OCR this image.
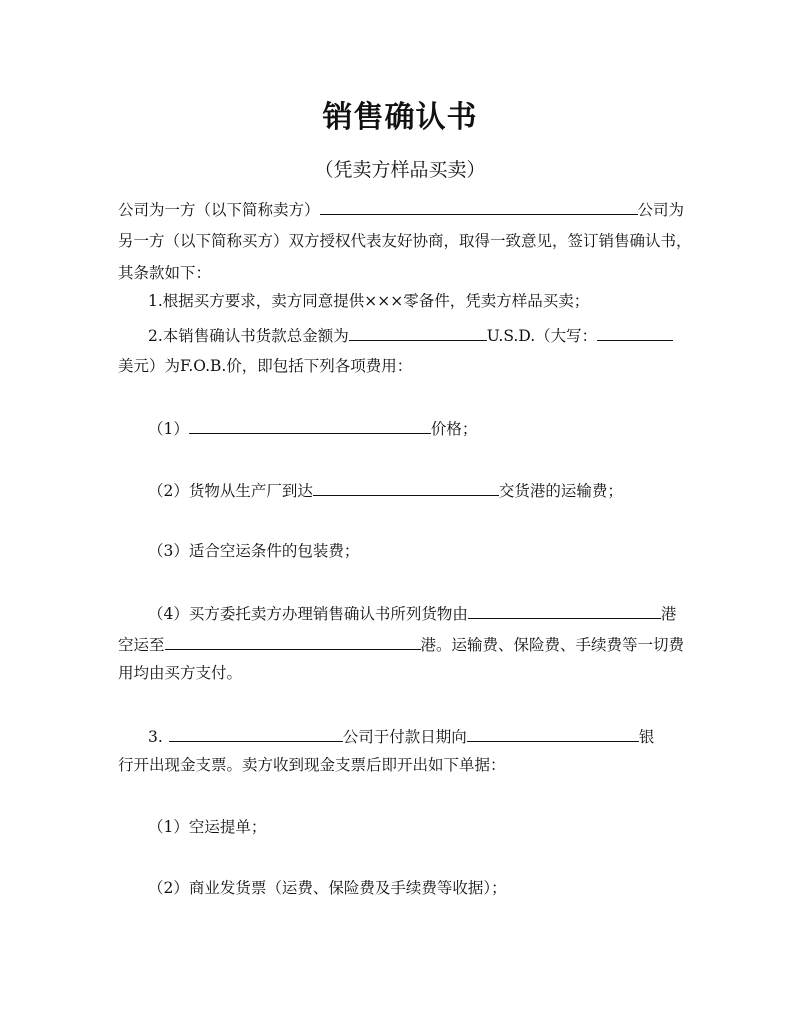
销售确认书
（凭卖方样品买卖）
公司为一方（以下简称卖方）	公司为
另一方（以下简称买方）双方授权代表友好协商，取得一致意见，签订销售确认书，
其条款如下：
1.根据买方要求，卖方同意提供×××零备件，凭卖方样品买卖；
2.本销售确认书货款总金额为	U.S.D.（大写：
美元）为F.O.B.价，即包括下列各项费用：
（1）	价格；
（2）货物从生产厂到达	交货港的运输费；
（3）适合空运条件的包装费；
（4）买方委托卖方办理销售确认书所列货物由	港
空运至	港。运输费、保险费、手续费等一切费
用均由买方支付。
3.	公司于付款日期向	银
行开出现金支票。卖方收到现金支票后即开出如下单据：
（1）空运提单；
（2）商业发货票（运费、保险费及手续费等收据）；
